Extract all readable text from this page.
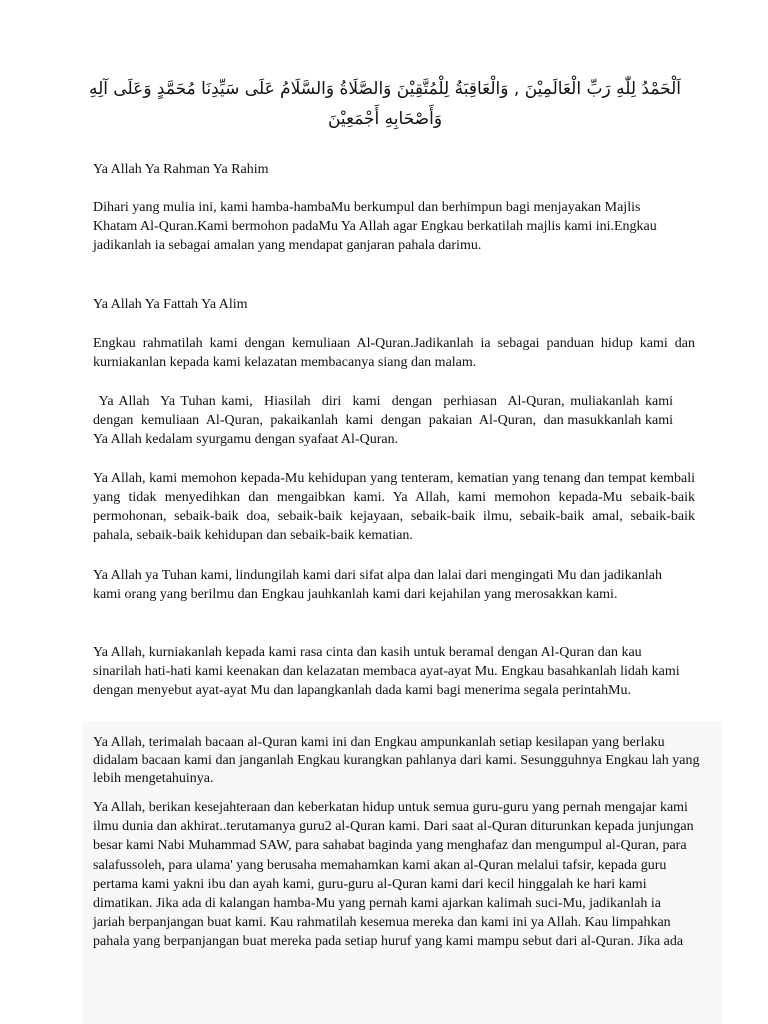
اَلْحَمْدُ لِلّٰهِ رَبِّ الْعَالَمِيْنَ , وَالْعَاقِبَةُ لِلْمُتَّقِيْنَ وَالصَّلَاةُ وَالسَّلَامُ عَلَى سَيِّدِنَا مُحَمَّدٍ وَعَلَى آلِهِ وَأَصْحَابِهِ أَجْمَعِيْنَ
Ya Allah Ya Rahman Ya Rahim

Dihari yang mulia ini, kami hamba-hambaMu berkumpul dan berhimpun bagi menjayakan Majlis Khatam Al-Quran.Kami bermohon padaMu Ya Allah agar Engkau berkatilah majlis kami ini.Engkau jadikanlah ia sebagai amalan yang mendapat ganjaran pahala darimu.

Ya Allah Ya Fattah Ya Alim

Engkau rahmatilah kami dengan kemuliaan Al-Quran.Jadikanlah ia sebagai panduan hidup kami dan kurniakanlan kepada kami kelazatan membacanya siang dan malam.

Ya Allah  Ya Tuhan kami,  Hiasilah  diri  kami  dengan  perhiasan  Al-Quran, muliakanlah kami dengan  kemuliaan  Al-Quran,  pakaikanlah  kami  dengan  pakaian  Al-Quran,  dan masukkanlah kami Ya Allah kedalam syurgamu dengan syafaat Al-Quran.

Ya Allah, kami memohon kepada-Mu kehidupan yang tenteram, kematian yang tenang dan tempat kembali yang tidak menyedihkan dan mengaibkan kami. Ya Allah, kami memohon kepada-Mu sebaik-baik permohonan, sebaik-baik doa, sebaik-baik kejayaan, sebaik-baik ilmu, sebaik-baik amal, sebaik-baik pahala, sebaik-baik kehidupan dan sebaik-baik kematian.

Ya Allah ya Tuhan kami, lindungilah kami dari sifat alpa dan lalai dari mengingati Mu dan jadikanlah kami orang yang berilmu dan Engkau jauhkanlah kami dari kejahilan yang merosakkan kami.

Ya Allah, kurniakanlah kepada kami rasa cinta dan kasih untuk beramal dengan Al-Quran dan kau sinarilah hati-hati kami keenakan dan kelazatan membaca ayat-ayat Mu. Engkau basahkanlah lidah kami dengan menyebut ayat-ayat Mu dan lapangkanlah dada kami bagi menerima segala perintahMu.

Ya Allah, terimalah bacaan al-Quran kami ini dan Engkau ampunkanlah setiap kesilapan yang berlaku didalam bacaan kami dan janganlah Engkau kurangkan pahlanya dari kami. Sesungguhnya Engkau lah yang lebih mengetahuinya.

Ya Allah, berikan kesejahteraan dan keberkatan hidup untuk semua guru-guru yang pernah mengajar kami ilmu dunia dan akhirat..terutamanya guru2 al-Quran kami. Dari saat al-Quran diturunkan kepada junjungan besar kami Nabi Muhammad SAW, para sahabat baginda yang menghafaz dan mengumpul al-Quran, para salafussoleh, para ulama' yang berusaha memahamkan kami akan al-Quran melalui tafsir, kepada guru pertama kami yakni ibu dan ayah kami, guru-guru al-Quran kami dari kecil hinggalah ke hari kami dimatikan. Jika ada di kalangan hamba-Mu yang pernah kami ajarkan kalimah suci-Mu, jadikanlah ia jariah berpanjangan buat kami. Kau rahmatilah kesemua mereka dan kami ini ya Allah. Kau limpahkan pahala yang berpanjangan buat mereka pada setiap huruf yang kami mampu sebut dari al-Quran. Jika ada
